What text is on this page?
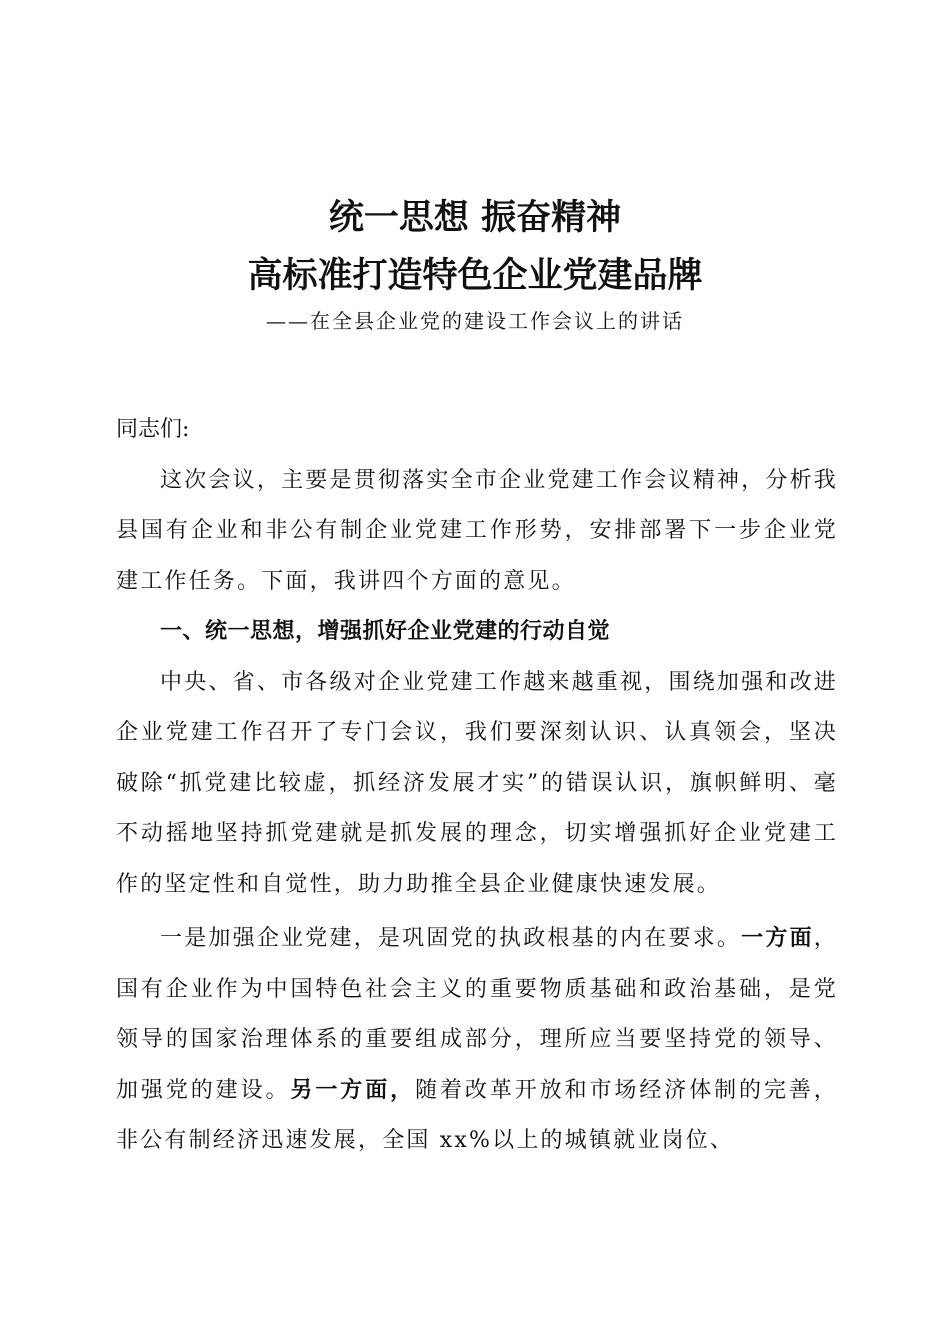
统一思想 振奋精神
高标准打造特色企业党建品牌
——在全县企业党的建设工作会议上的讲话
同志们:
这次会议，主要是贯彻落实全市企业党建工作会议精神，分析我县国有企业和非公有制企业党建工作形势，安排部署下一步企业党建工作任务。下面，我讲四个方面的意见。
一、统一思想，增强抓好企业党建的行动自觉
中央、省、市各级对企业党建工作越来越重视，围绕加强和改进企业党建工作召开了专门会议，我们要深刻认识、认真领会，坚决破除“抓党建比较虚，抓经济发展才实”的错误认识，旗帜鲜明、毫不动摇地坚持抓党建就是抓发展的理念，切实增强抓好企业党建工作的坚定性和自觉性，助力助推全县企业健康快速发展。
一是加强企业党建，是巩固党的执政根基的内在要求。一方面，国有企业作为中国特色社会主义的重要物质基础和政治基础，是党领导的国家治理体系的重要组成部分，理所应当要坚持党的领导、加强党的建设。另一方面，随着改革开放和市场经济体制的完善，非公有制经济迅速发展，全国 xx%以上的城镇就业岗位、
